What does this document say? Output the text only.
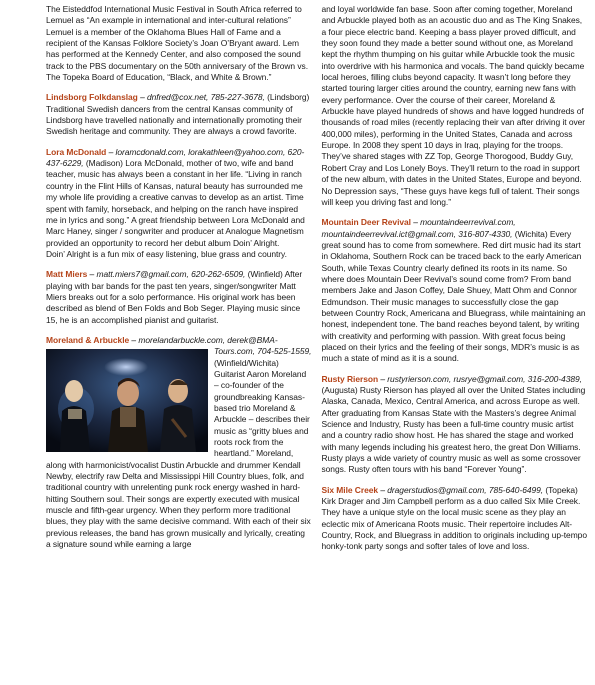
The Eisteddfod International Music Festival in South Africa referred to Lemuel as “An example in international and inter-cultural relations” Lemuel is a member of the Oklahoma Blues Hall of Fame and a recipient of the Kansas Folklore Society’s Joan O’Bryant award. Lem has performed at the Kennedy Center, and also composed the sound track to the PBS documentary on the 50th anniversary of the Brown vs. The Topeka Board of Education, “Black, and White & Brown.”

Lindsborg Folkdanslag – dnfred@cox.net, 785-227-3678, (Lindsborg) Traditional Swedish dancers from the central Kansas community of Lindsborg have travelled nationally and internationally promoting their Swedish heritage and community. They are always a crowd favorite.

Lora McDonald – loramcdonald.com, lorakathleen@yahoo.com, 620-437-6229, (Madison) Lora McDonald, mother of two, wife and band teacher, music has always been a constant in her life. “Living in ranch country in the Flint Hills of Kansas, natural beauty has surrounded me my whole life providing a creative canvas to develop as an artist. Time spent with family, horseback, and helping on the ranch have inspired me in lyrics and song.” A great friendship between Lora McDonald and Marc Haney, singer / songwriter and producer at Analogue Magnetism provided an opportunity to record her debut album Doin’ Alright.

Doin’ Alright is a fun mix of easy listening, blue grass and country.

Matt Miers – matt.miers7@gmail.com, 620-262-6509, (Winfield) After playing with bar bands for the past ten years, singer/songwriter Matt Miers breaks out for a solo performance. His original work has been described as blend of Ben Folds and Bob Seger. Playing music since 15, he is an accomplished pianist and guitarist.

Moreland & Arbuckle – morelandarbuckle.com, derek@BMA-Tours.com, 704-525-1559,
(Winfield/Wichita) Guitarist Aaron Moreland – co-founder of the groundbreaking Kansas-based trio Moreland & Arbuckle – describes their music as “gritty blues and roots rock from the heartland.” Moreland, along with harmonicist/vocalist Dustin Arbuckle and drummer Kendall Newby, electrify raw Delta and Mississippi Hill Country blues, folk, and traditional country with unrelenting punk rock energy washed in hard-hitting Southern soul. Their songs are expertly executed with musical muscle and fifth-gear urgency. When they perform more traditional blues, they play with the same decisive command. With each of their six previous releases, the band has grown musically and lyrically, creating a signature sound while earning a large

and loyal worldwide fan base. Soon after coming together, Moreland and Arbuckle played both as an acoustic duo and as The King Snakes, a four piece electric band. Keeping a bass player proved difficult, and they soon found they made a better sound without one, as Moreland kept the rhythm thumping on his guitar while Arbuckle took the music into overdrive with his harmonica and vocals. The band quickly became local heroes, filling clubs beyond capacity. It wasn’t long before they started touring larger cities around the country, earning new fans with every performance. Over the course of their career, Moreland & Arbuckle have played hundreds of shows and have logged hundreds of thousands of road miles (recently replacing their van after driving it over 400,000 miles), performing in the United States, Canada and across Europe. In 2008 they spent 10 days in Iraq, playing for the troops. They’ve shared stages with ZZ Top, George Thorogood, Buddy Guy, Robert Cray and Los Lonely Boys. They’ll return to the road in support of the new album, with dates in the United States, Europe and beyond. No Depression says, “These guys have kegs full of talent. Their songs will keep you driving fast and long.”

Mountain Deer Revival – mountaindeerrevival.com, mountaindeerrevival.ict@gmail.com, 316-807-4330, (Wichita) Every great sound has to come from somewhere. Red dirt music had its start in Oklahoma, Southern Rock can be traced back to the early American South, while Texas Country clearly defined its roots in its name. So where does Mountain Deer Revival’s sound come from? From band members Jake and Jason Coffey, Dale Shuey, Matt Ohm and Connor Edmundson. Their music manages to successfully close the gap between Country Rock, Americana and Bluegrass, while maintaining an honest, independent tone. The band reaches beyond talent, by writing with creativity and performing with passion. With great focus being placed on their lyrics and the feeling of their songs, MDR’s music is as much a state of mind as it is a sound.

Rusty Rierson – rustyrierson.com, rusrye@gmail.com, 316-200-4389, (Augusta) Rusty Rierson has played all over the United States including Alaska, Canada, Mexico, Central America, and across Europe as well. After graduating from Kansas State with the Masters’s degree Animal Science and Industry, Rusty has been a full-time country music artist and a country radio show host. He has shared the stage and worked with many legends including his greatest hero, the great Don Williams. Rusty plays a wide variety of country music as well as some crossover songs. Rusty often tours with his band “Forever Young”.

Six Mile Creek – dragerstudios@gmail.com, 785-640-6499, (Topeka) Kirk Drager and Jim Campbell perform as a duo called Six Mile Creek. They have a unique style on the local music scene as they play an eclectic mix of Americana Roots music. Their repertoire includes Alt-Country, Rock, and Bluegrass in addition to originals including up-tempo honky-tonk party songs and softer tales of love and loss.
